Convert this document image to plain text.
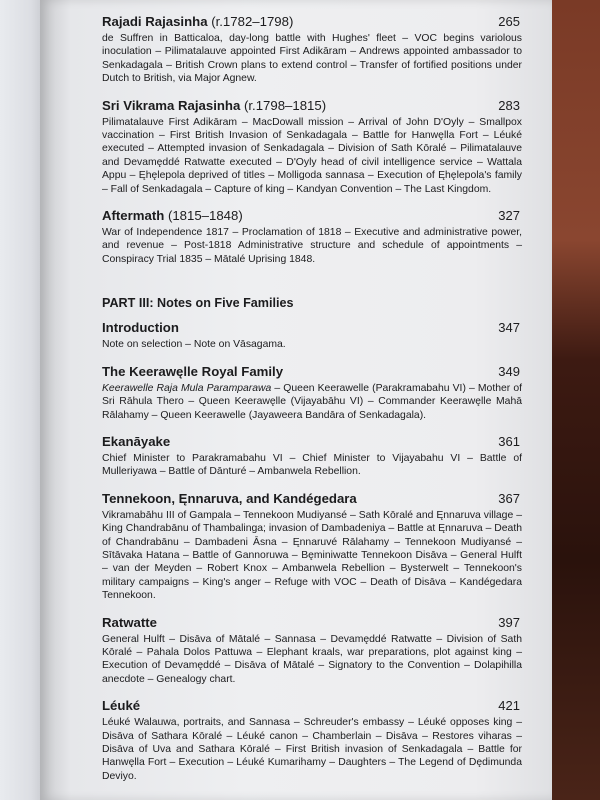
Rajadi Rajasinha (r.1782–1798)	265
de Suffren in Batticaloa, day-long battle with Hughes' fleet – VOC begins variolous inoculation – Pilimatalauve appointed First Adikāram – Andrews appointed ambassador to Senkadagala – British Crown plans to extend control – Transfer of fortified positions under Dutch to British, via Major Agnew.
Sri Vikrama Rajasinha (r.1798–1815)	283
Pilimatalauve First Adikāram – MacDowall mission – Arrival of John D'Oyly – Smallpox vaccination – First British Invasion of Senkadagala – Battle for Hanwęlla Fort – Léuké executed – Attempted invasion of Senkadagala – Division of Sath Kōralé – Pilimatalauve and Devamęddé Ratwatte executed – D'Oyly head of civil intelligence service – Wattala Appu – Ęhęlepola deprived of titles – Molligoda sannasa – Execution of Ęhęlepola's family – Fall of Senkadagala – Capture of king – Kandyan Convention – The Last Kingdom.
Aftermath (1815–1848)	327
War of Independence 1817 – Proclamation of 1818 – Executive and administrative power, and revenue – Post-1818 Administrative structure and schedule of appointments – Conspiracy Trial 1835 – Mātalé Uprising 1848.
PART III: Notes on Five Families
Introduction	347
Note on selection – Note on Vāsagama.
The Keerawęlle Royal Family	349
Keerawelle Raja Mula Paramparawa – Queen Keerawelle (Parakramabahu VI) – Mother of Sri Rāhula Thero – Queen Keerawęlle (Vijayabāhu VI) – Commander Keerawęlle Mahā Rālahamy – Queen Keerawelle (Jayaweera Bandāra of Senkadagala).
Ekanāyake	361
Chief Minister to Parakramabahu VI – Chief Minister to Vijayabahu VI – Battle of Mulleriyawa – Battle of Dānturé – Ambanwela Rebellion.
Tennekoon, Ęnnaruva, and Kandégedara	367
Vikramabāhu III of Gampala – Tennekoon Mudiyansé – Sath Kōralé and Ęnnaruva village – King Chandrabānu of Thambalinga; invasion of Dambadeniya – Battle at Ęnnaruva – Death of Chandrabānu – Dambadeni Āsna – Ęnnaruvé Rālahamy – Tennekoon Mudiyansé – Sītāvaka Hatana – Battle of Gannoruwa – Bęminiwatte Tennekoon Disāva – General Hulft – van der Meyden – Robert Knox – Ambanwela Rebellion – Bysterwelt – Tennekoon's military campaigns – King's anger – Refuge with VOC – Death of Disāva – Kandégedara Tennekoon.
Ratwatte	397
General Hulft – Disāva of Mātalé – Sannasa – Devamęddé Ratwatte – Division of Sath Kōralé – Pahala Dolos Pattuwa – Elephant kraals, war preparations, plot against king – Execution of Devamęddé – Disāva of Mātalé – Signatory to the Convention – Dolapihilla anecdote – Genealogy chart.
Léuké	421
Léuké Walauwa, portraits, and Sannasa – Schreuder's embassy – Léuké opposes king – Disāva of Sathara Kōralé – Léuké canon – Chamberlain – Disāva – Restores viharas – Disāva of Uva and Sathara Kōralé – First British invasion of Senkadagala – Battle for Hanwęlla Fort – Execution – Léuké Kumarihamy – Daughters – The Legend of Dędimunda Deviyo.
